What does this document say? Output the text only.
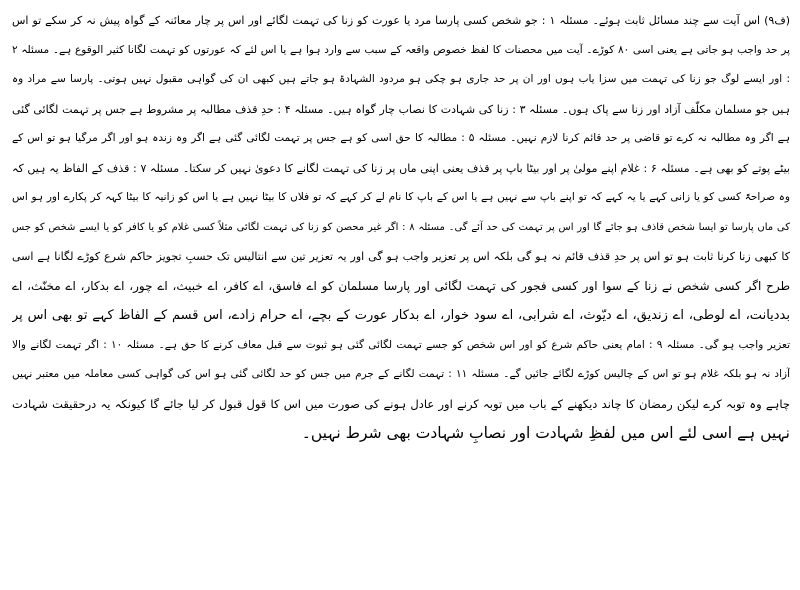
(ف۹) اس آیت سے چند مسائل ثابت ہوئے۔ مسئلہ ۱ : جو شخص کسی پارسا مرد یا عورت کو زنا کی تہمت لگائے اور اس پر چار معائنہ کے گواہ پیش نہ کر سکے تو اس
پر حد واجب ہو جاتی ہے یعنی اسی ۸۰ کوڑے۔ آیت میں محصنات کا لفظ خصوص واقعہ کے سبب سے وارد ہوا ہے یا اس لئے کہ عورتوں کو تہمت لگانا کثیر الوقوع ہے۔ مسئلہ ۲
: اور ایسے لوگ جو زنا کی تہمت میں سزا یاب ہوں اور ان پر حد جاری ہو چکی ہو مردود الشہادۃ ہو جاتے ہیں کبھی ان کی گواہی مقبول نہیں ہوتی۔ پارسا سے مراد وہ
ہیں جو مسلمان مکلّف آزاد اور زنا سے پاک ہوں۔ مسئلہ ۳ : زنا کی شہادت کا نصاب چار گواہ ہیں۔ مسئلہ ۴ : حدِ قذف مطالبہ پر مشروط ہے جس پر تہمت لگائی گئی
ہے اگر وہ مطالبہ نہ کرے تو قاضی پر حد قائم کرنا لازم نہیں۔ مسئلہ ۵ : مطالبہ کا حق اسی کو ہے جس پر تہمت لگائی گئی ہے اگر وہ زندہ ہو اور اگر مرگیا ہو تو اس کے
بیٹے پوتے کو بھی ہے۔ مسئلہ ۶ : غلام اپنے مولیٰ پر اور بیٹا باپ پر قذف یعنی اپنی ماں پر زنا کی تہمت لگانے کا دعویٰ نہیں کر سکتا۔ مسئلہ ۷ : قذف کے الفاظ یہ ہیں کہ
وہ صراحۃً کسی کو یا زانی کہے یا یہ کہے کہ تو اپنے باپ سے نہیں ہے یا اس کے باپ کا نام لے کر کہے کہ تو فلاں کا بیٹا نہیں ہے یا اس کو زانیہ کا بیٹا کہہ کر پکارے اور ہو اس
کی ماں پارسا تو ایسا شخص قاذف ہو جائے گا اور اس پر تہمت کی حد آئے گی۔ مسئلہ ۸ : اگر غیر محصن کو زنا کی تہمت لگائی مثلاً کسی غلام کو یا کافر کو یا ایسے شخص کو جس
کا کبھی زنا کرنا ثابت ہو تو اس پر حدِ قذف قائم نہ ہو گی بلکہ اس پر تعزیر واجب ہو گی اور یہ تعزیر تین سے انتالیس تک حسبِ تجویز حاکم شرع کوڑے لگانا ہے اسی
طرح اگر کسی شخص نے زنا کے سوا اور کسی فجور کی تہمت لگائی اور پارسا مسلمان کو اے فاسق، اے کافر، اے خبیث، اے چور، اے بدکار، اے مخنّث، اے
بددیانت، اے لوطی، اے زندیق، اے دیّوث، اے شرابی، اے سود خوار، اے بدکار عورت کے بچے، اے حرام زادے، اس قسم کے الفاظ کہے تو بھی اس پر
تعزیر واجب ہو گی۔ مسئلہ ۹ : امام یعنی حاکم شرع کو اور اس شخص کو جسے تہمت لگائی گئی ہو ثبوت سے قبل معاف کرنے کا حق ہے۔ مسئلہ ۱۰ : اگر تہمت لگانے والا
آزاد نہ ہو بلکہ غلام ہو تو اس کے چالیس کوڑے لگائے جائیں گے۔ مسئلہ ۱۱ : تہمت لگانے کے جرم میں جس کو حد لگائی گئی ہو اس کی گواہی کسی معاملہ میں معتبر نہیں
چاہے وہ توبہ کرے لیکن رمضان کا چاند دیکھنے کے باب میں توبہ کرنے اور عادل ہونے کی صورت میں اس کا قول قبول کر لیا جائے گا کیونکہ یہ درحقیقت شہادت
نہیں ہے اسی لئے اس میں لفظِ شہادت اور نصابِ شہادت بھی شرط نہیں۔
